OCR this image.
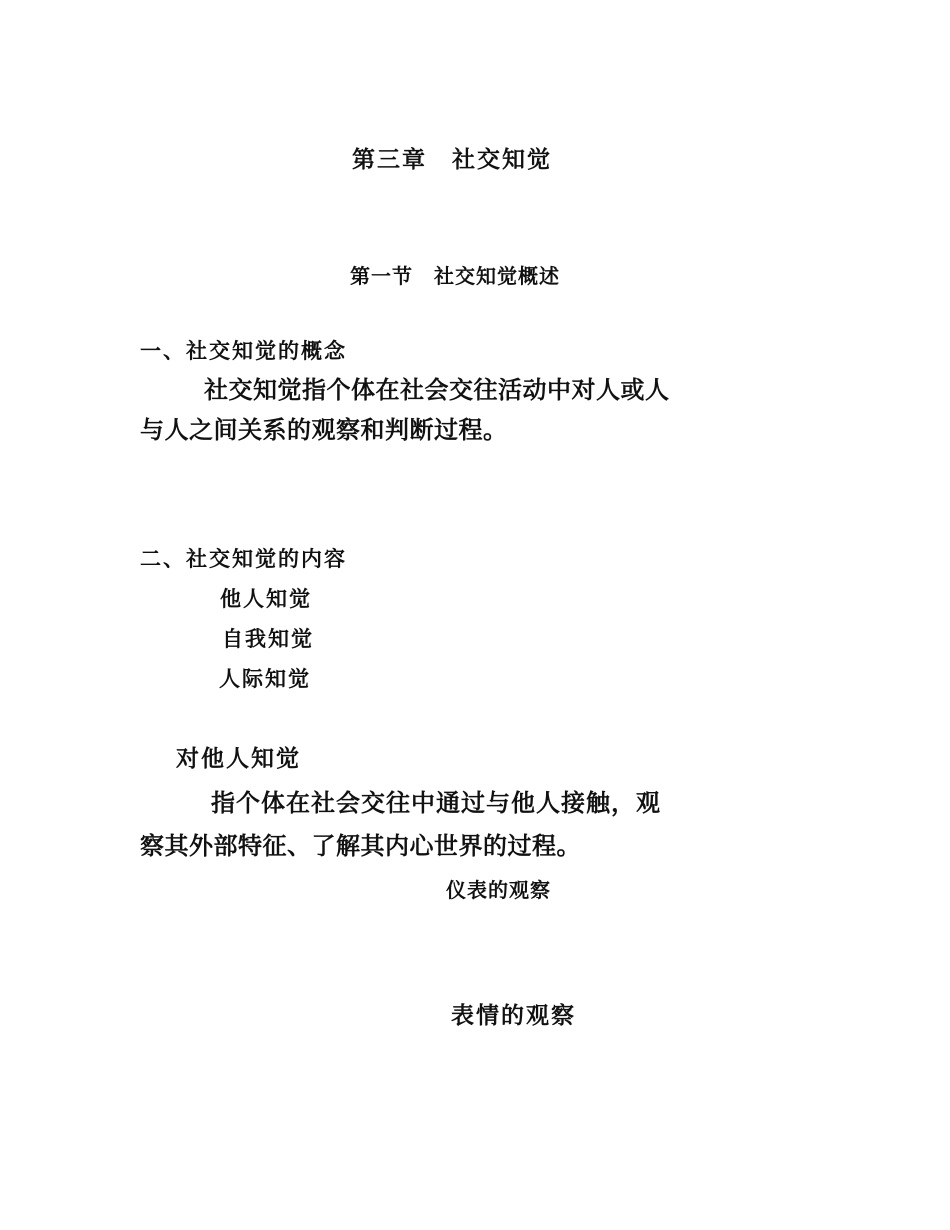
第三章　社交知觉
第一节　社交知觉概述
一、社交知觉的概念
社交知觉指个体在社会交往活动中对人或人
与人之间关系的观察和判断过程。
二、社交知觉的内容
他人知觉
自我知觉
人际知觉
对他人知觉
指个体在社会交往中通过与他人接触，观
察其外部特征、了解其内心世界的过程。
仪表的观察
表情的观察
